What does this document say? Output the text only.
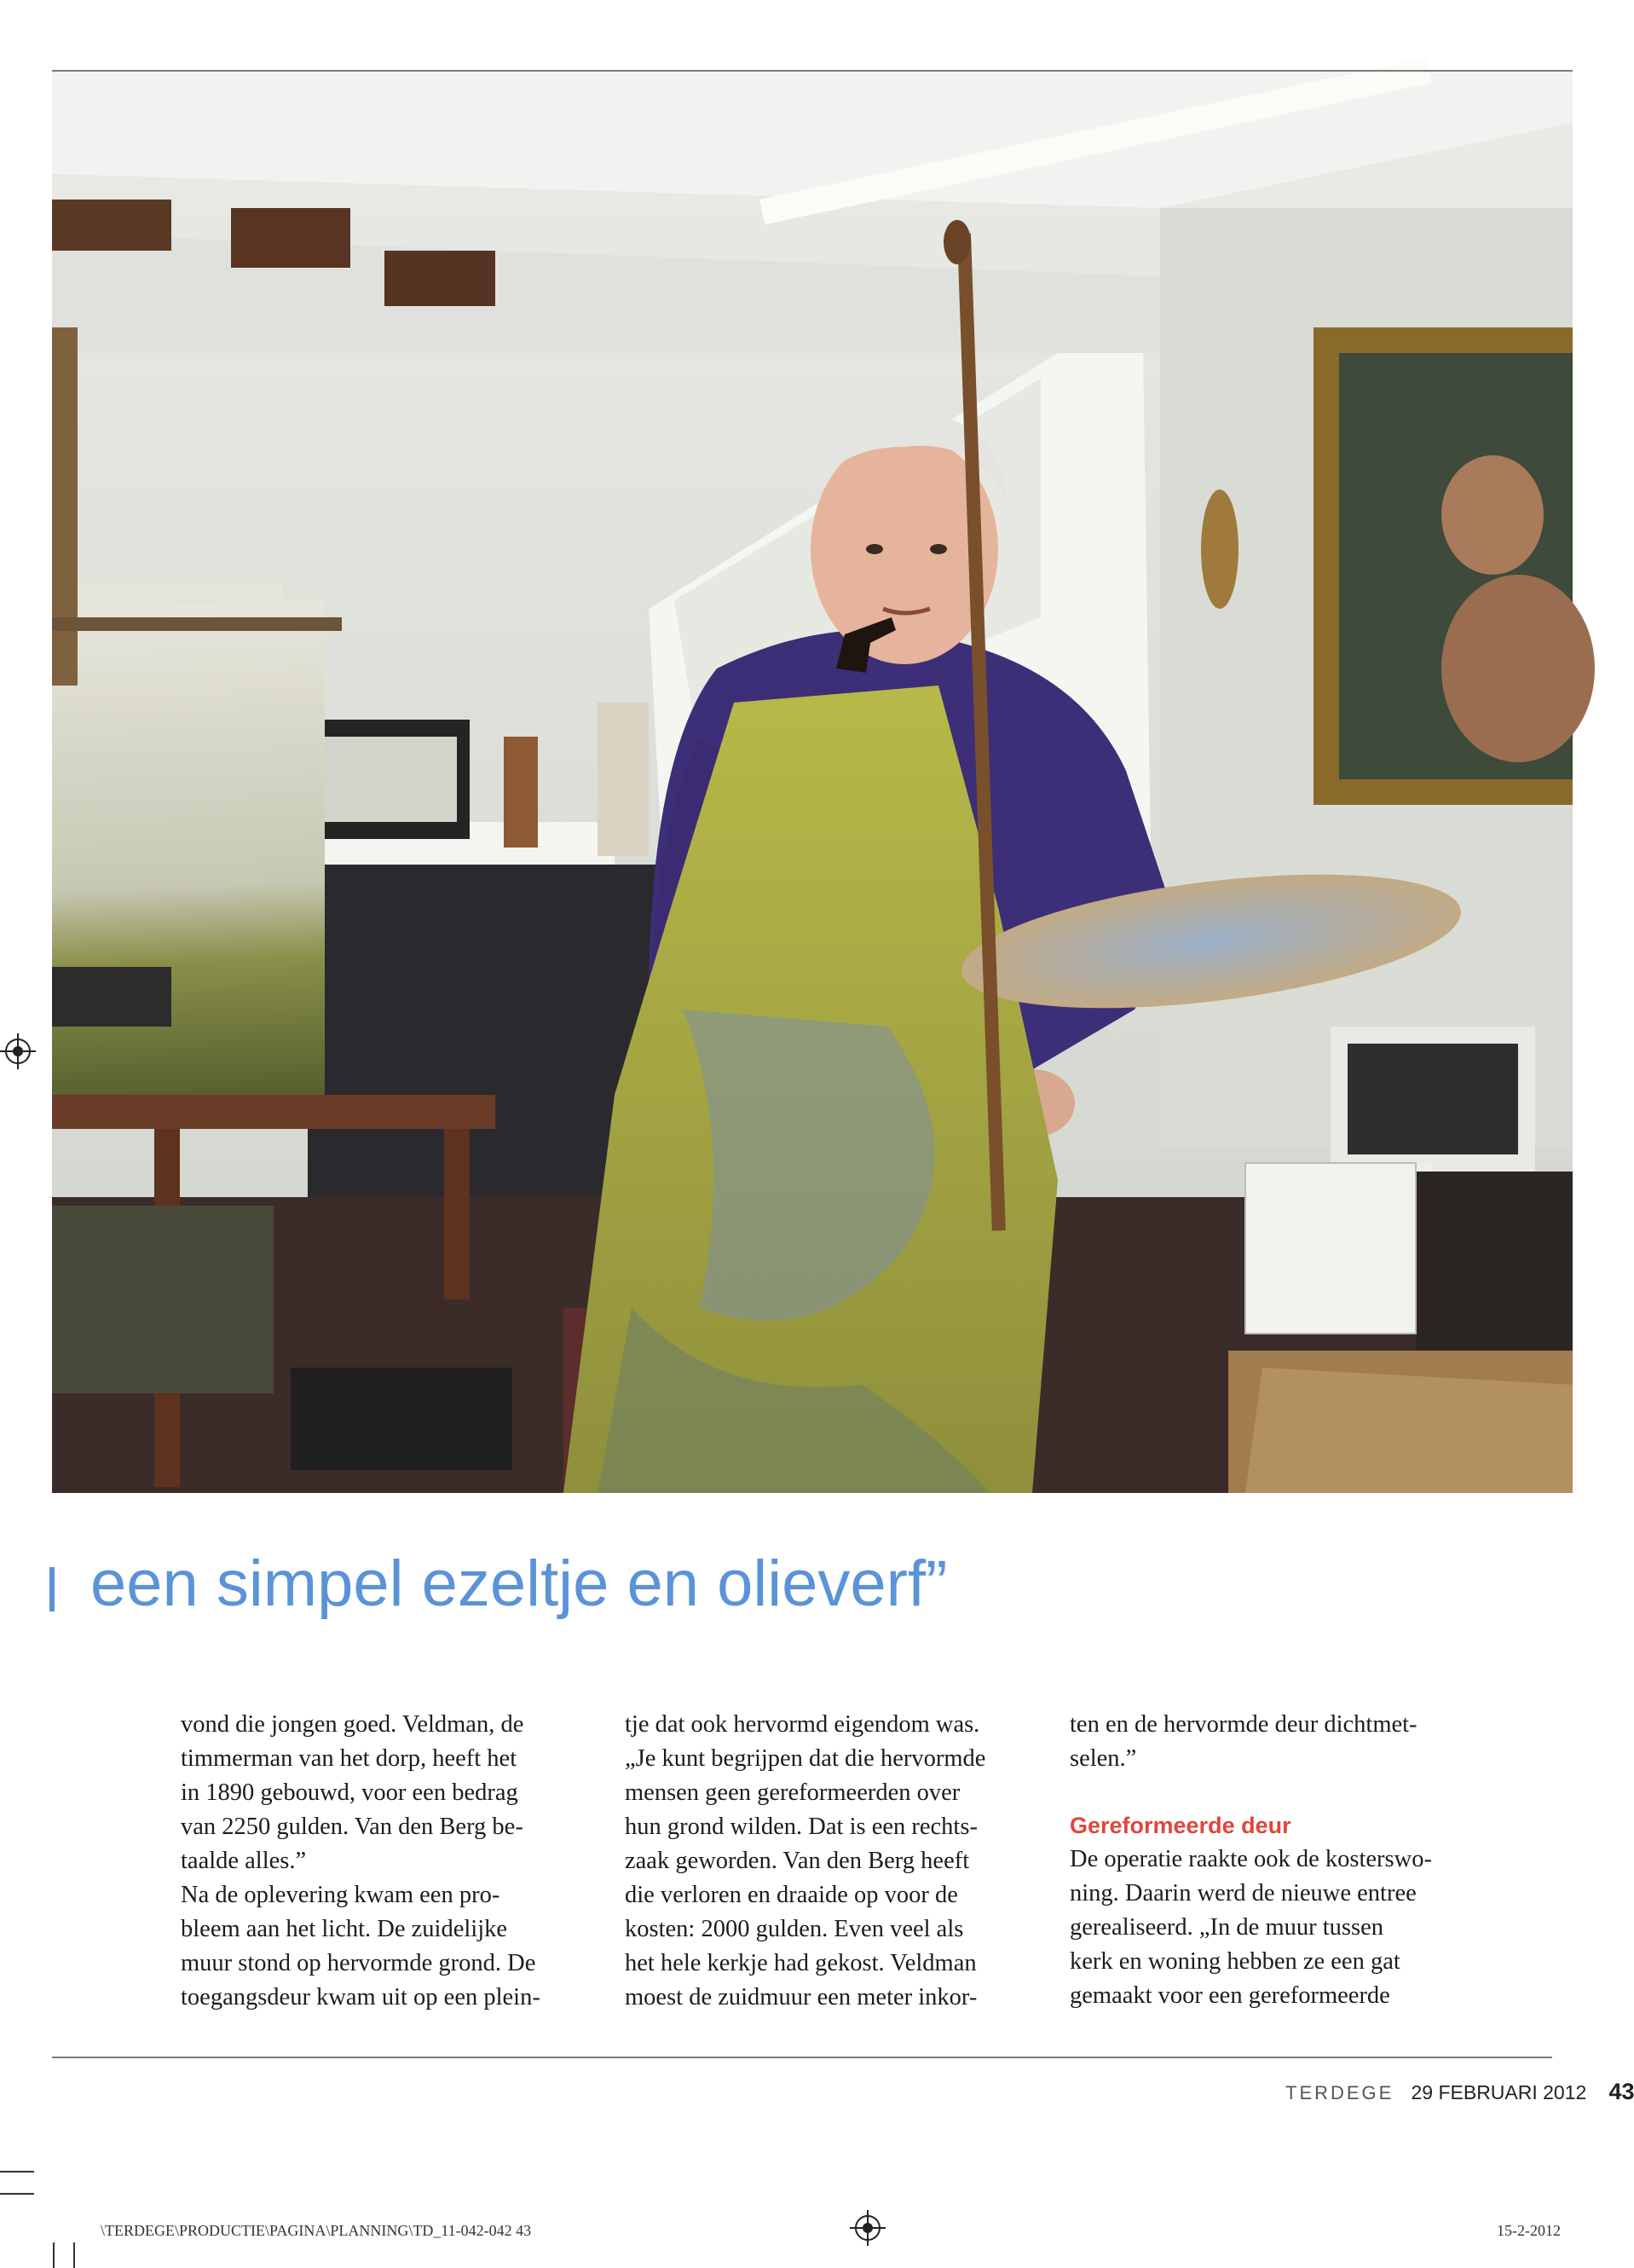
een simpel ezeltje en olieverf”
vond die jongen goed. Veldman, de
timmerman van het dorp, heeft het
in 1890 gebouwd, voor een bedrag
van 2250 gulden. Van den Berg be-
taalde alles.”
Na de oplevering kwam een pro-
bleem aan het licht. De zuidelijke
muur stond op hervormde grond. De
toegangsdeur kwam uit op een plein-
tje dat ook hervormd eigendom was.
„Je kunt begrijpen dat die hervormde
mensen geen gereformeerden over
hun grond wilden. Dat is een rechts-
zaak geworden. Van den Berg heeft
die verloren en draaide op voor de
kosten: 2000 gulden. Even veel als
het hele kerkje had gekost. Veldman
moest de zuidmuur een meter inkor-
ten en de hervormde deur dichtmet-
selen.”
Gereformeerde deur
De operatie raakte ook de kosterswo-
ning. Daarin werd de nieuwe entree
gerealiseerd. „In de muur tussen
kerk en woning hebben ze een gat
gemaakt voor een gereformeerde
TERDEGE 29 FEBRUARI 2012 43
\TERDEGE\PRODUCTIE\PAGINA\PLANNING\TD_11-042-042 43	15-2-2012
